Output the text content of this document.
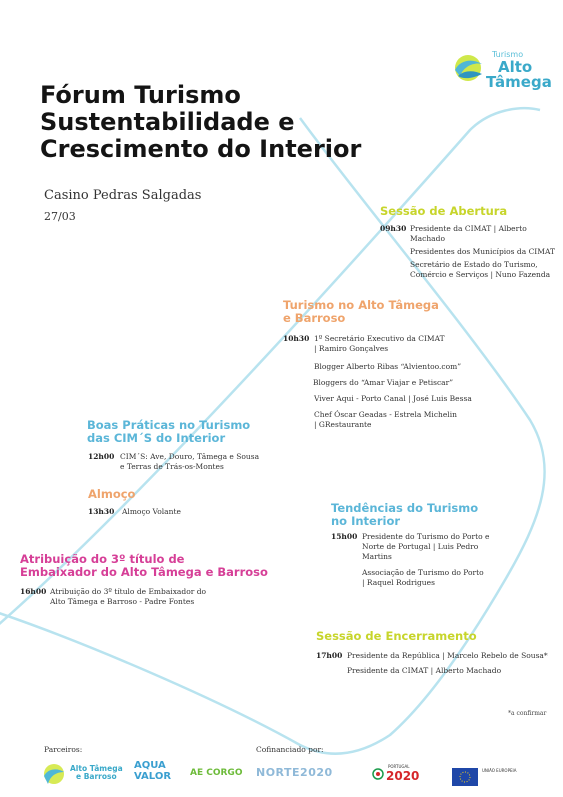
Turismo
Alto
Tâmega
Fórum Turismo
Sustentabilidade e
Crescimento do Interior
Casino Pedras Salgadas
27/03	Sessão de Abertura
09h30 Presidente da CIMAT | Alberto
Machado
Presidentes dos Municípios da CIMAT
Secretário de Estado do Turismo,
Comércio e Serviços | Nuno Fazenda
Turismo no Alto Tâmega
e Barroso
10h30 1º Secretário Executivo da CIMAT
| Ramiro Gonçalves
Blogger Alberto Ribas “Alvientoo.com”
Bloggers do “Amar Viajar e Petiscar”
Viver Aqui - Porto Canal | José Luis Bessa
Chef Óscar Geadas - Estrela Michelin
| GRestaurante
Boas Práticas no Turismo
das CIM´S do Interior
12h00 CIM´S: Ave, Douro, Tâmega e Sousa
e Terras de Trás-os-Montes
Almoço
13h30 Almoço Volante	Tendências do Turismo
no Interior
15h00 Presidente do Turismo do Porto e
Norte de Portugal | Luis Pedro
Martins
Associação de Turismo do Porto
| Raquel Rodrigues
Atribuição do 3º título de
Embaixador do Alto Tâmega e Barroso
16h00 Atribuição do 3º título de Embaixador do
Alto Tâmega e Barroso - Padre Fontes
Sessão de Encerramento
17h00 Presidente da República | Marcelo Rebelo de Sousa*
Presidente da CIMAT | Alberto Machado
*a confirmar
Parceiros:	Cofinanciado por:
Alto Tâmega
e Barroso
AQUA
VALOR AE CORGO NORTE2020	PORTUGAL
2020	UNIÃO EUROPEIA
